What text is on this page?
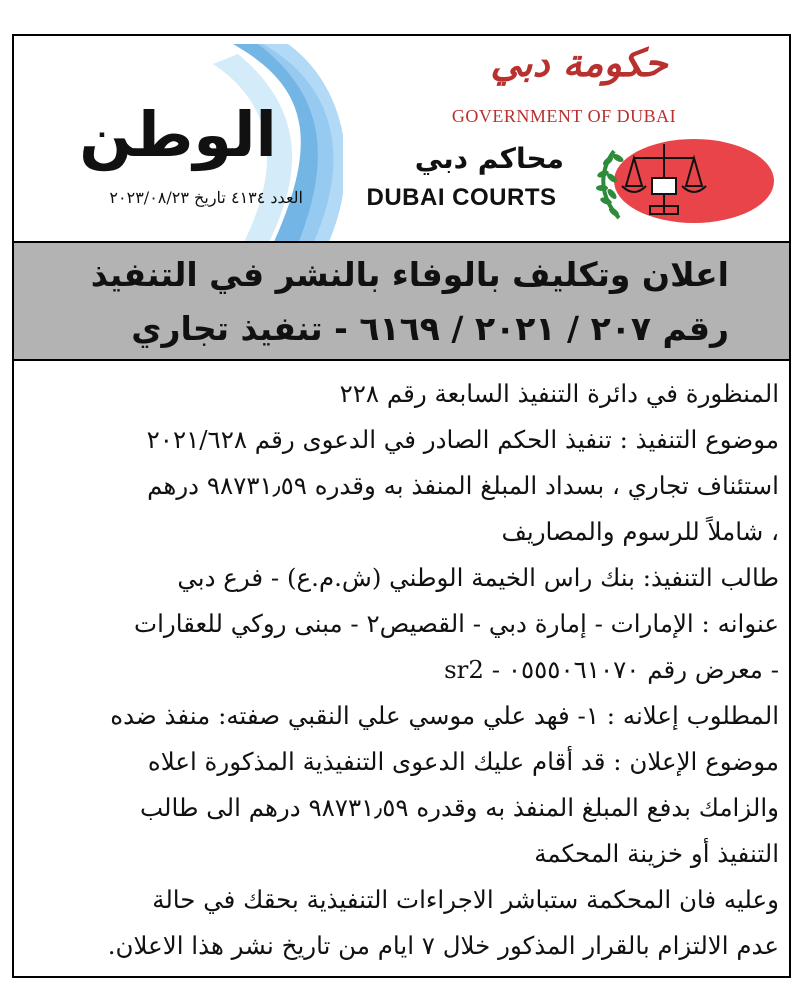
الوطن
العدد ٤١٣٤ تاريخ ٢٠٢٣/٠٨/٢٣
حكومة دبي
GOVERNMENT OF DUBAI
محاكم دبي
DUBAI COURTS
اعلان وتكليف بالوفاء بالنشر في التنفيذ
رقم ٢٠٧ / ٢٠٢١ / ٦١٦٩ - تنفيذ تجاري
المنظورة في دائرة التنفيذ السابعة رقم ٢٢٨
موضوع التنفيذ : تنفيذ الحكم الصادر في الدعوى رقم ٢٠٢١/٦٢٨
استئناف تجاري ، بسداد المبلغ المنفذ به وقدره ٩٨٧٣١٫٥٩ درهم
، شاملاً للرسوم والمصاريف
طالب التنفيذ: بنك راس الخيمة الوطني (ش.م.ع) - فرع دبي
عنوانه : الإمارات - إمارة دبي - القصيص٢ - مبنى روكي للعقارات
- معرض رقم ٠٥٥٥٠٦١٠٧٠ - sr2
المطلوب إعلانه : ١- فهد علي موسي علي النقبي صفته: منفذ ضده
موضوع الإعلان : قد أقام عليك الدعوى التنفيذية المذكورة اعلاه
والزامك بدفع المبلغ المنفذ به وقدره ٩٨٧٣١٫٥٩ درهم الى طالب
التنفيذ أو خزينة المحكمة
وعليه فان المحكمة ستباشر الاجراءات التنفيذية بحقك في حالة
عدم الالتزام بالقرار المذكور خلال ٧ ايام من تاريخ نشر هذا الاعلان.
